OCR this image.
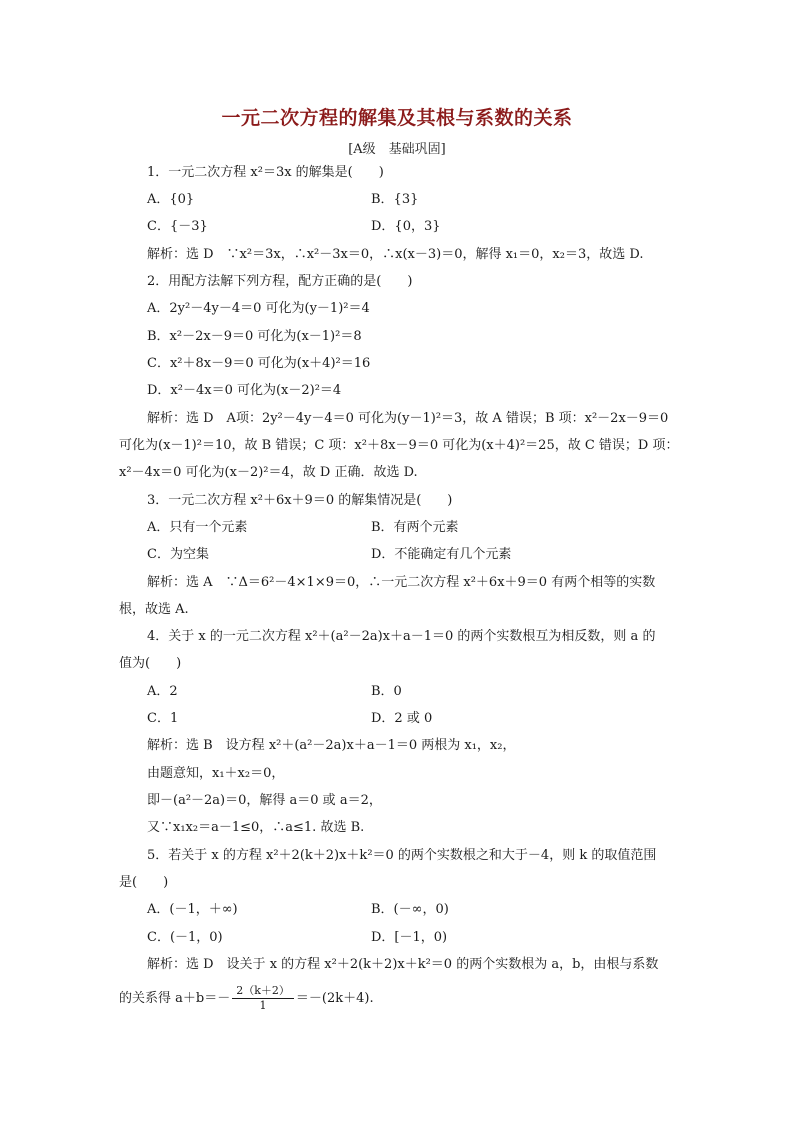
一元二次方程的解集及其根与系数的关系
[A级　基础巩固]
1．一元二次方程 x²＝3x 的解集是(　　)
A．{0}	B．{3}
C．{－3}	D．{0，3}
解析：选 D　∵x²＝3x，∴x²－3x＝0，∴x(x－3)＝0，解得 x₁＝0，x₂＝3，故选 D.
2．用配方法解下列方程，配方正确的是(　　)
A．2y²－4y－4＝0 可化为(y－1)²＝4
B．x²－2x－9＝0 可化为(x－1)²＝8
C．x²＋8x－9＝0 可化为(x＋4)²＝16
D．x²－4x＝0 可化为(x－2)²＝4
解析：选 D　A项：2y²－4y－4＝0 可化为(y－1)²＝3，故 A 错误；B 项：x²－2x－9＝0
可化为(x－1)²＝10，故 B 错误；C 项：x²＋8x－9＝0 可化为(x＋4)²＝25，故 C 错误；D 项：
x²－4x＝0 可化为(x－2)²＝4，故 D 正确．故选 D.
3．一元二次方程 x²＋6x＋9＝0 的解集情况是(　　)
A．只有一个元素	B．有两个元素
C．为空集	D．不能确定有几个元素
解析：选 A　∵Δ＝6²－4×1×9＝0，∴一元二次方程 x²＋6x＋9＝0 有两个相等的实数
根，故选 A.
4．关于 x 的一元二次方程 x²＋(a²－2a)x＋a－1＝0 的两个实数根互为相反数，则 a 的
值为(　　)
A．2	B．0
C．1	D．2 或 0
解析：选 B　设方程 x²＋(a²－2a)x＋a－1＝0 两根为 x₁，x₂，
由题意知，x₁＋x₂＝0，
即－(a²－2a)＝0，解得 a＝0 或 a＝2，
又∵x₁x₂＝a－1≤0，∴a≤1. 故选 B.
5．若关于 x 的方程 x²＋2(k＋2)x＋k²＝0 的两个实数根之和大于－4，则 k 的取值范围
是(　　)
A．(－1，＋∞)	B．(－∞，0)
C．(－1，0)	D．[－1，0)
解析：选 D　设关于 x 的方程 x²＋2(k＋2)x＋k²＝0 的两个实数根为 a，b，由根与系数
的关系得 $a+b=- \frac{2(k+2)}{1} =-(2k+4)$.
